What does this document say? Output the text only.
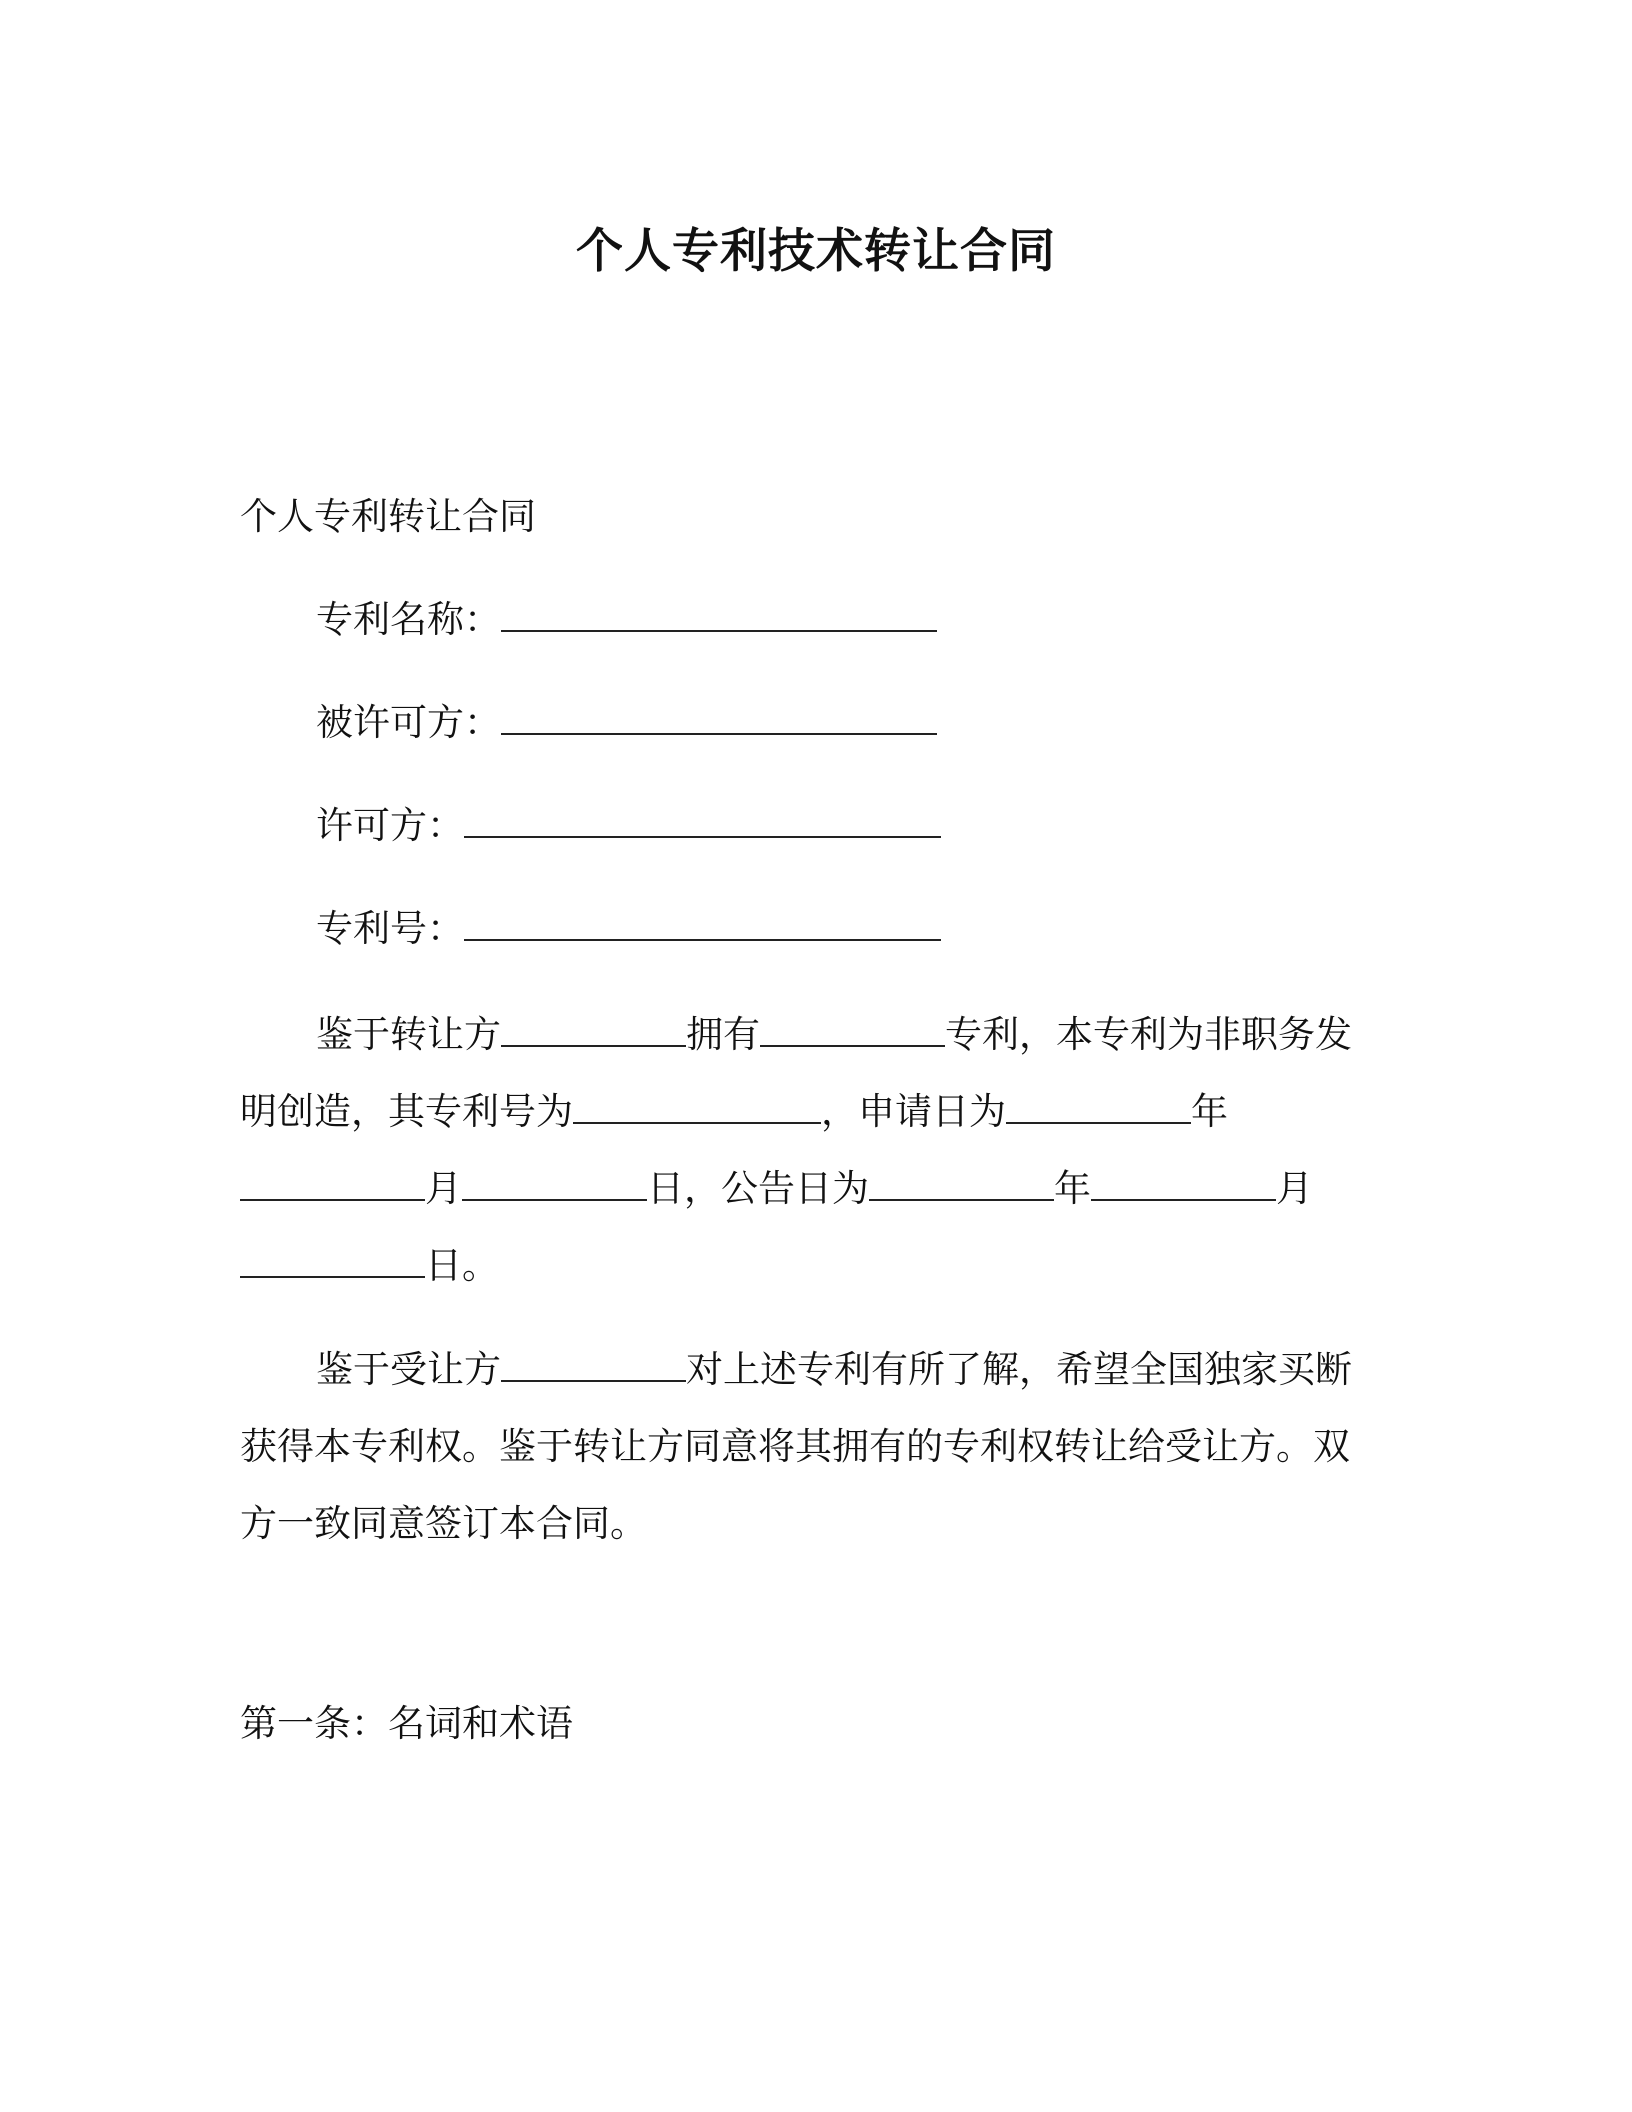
个人专利技术转让合同
个人专利转让合同
专利名称：
被许可方：
许可方：
专利号：
鉴于转让方	拥有	专利，本专利为非职务发
明创造，其专利号为	，申请日为	年
月	日，公告日为	年	月
日。
鉴于受让方	对上述专利有所了解，希望全国独家买断
获得本专利权。鉴于转让方同意将其拥有的专利权转让给受让方。双
方一致同意签订本合同。
第一条：名词和术语
